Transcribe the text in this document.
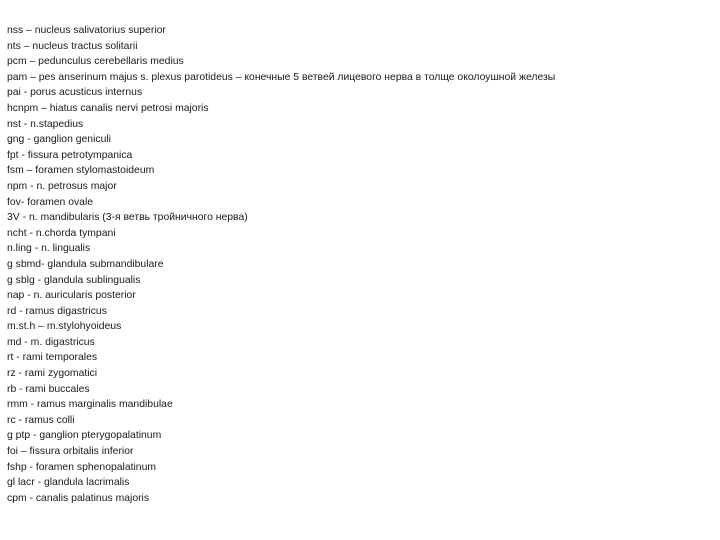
nss – nucleus salivatorius superior
nts – nucleus tractus solitarii
pcm – pedunculus cerebellaris medius
pam – pes anserinum majus s. plexus parotideus – конечные 5 ветвей лицевого нерва в толще околоушной железы
pai - porus acusticus internus
hcnpm – hiatus canalis nervi petrosi majoris
nst - n.stapedius
gng - ganglion geniculi
fpt - fissura petrotympanica
fsm – foramen stylomastoideum
npm - n. petrosus major
fov- foramen ovale
3V - n. mandibularis (3-я ветвь тройничного нерва)
ncht - n.chorda tympani
n.ling - n. lingualis
g sbmd- glandula submandibulare
g sblg - glandula sublingualis
nap - n. auricularis posterior
rd - ramus digastricus
m.st.h – m.stylohyoideus
md - m. digastricus
rt - rami temporales
rz - rami zygomatici
rb - rami buccales
rmm - ramus marginalis mandibulae
rc - ramus colli
g ptp - ganglion pterygopalatinum
foi – fissura orbitalis inferior
fshp - foramen sphenopalatinum
gl lacr - glandula lacrimalis
cpm - canalis palatinus majoris
